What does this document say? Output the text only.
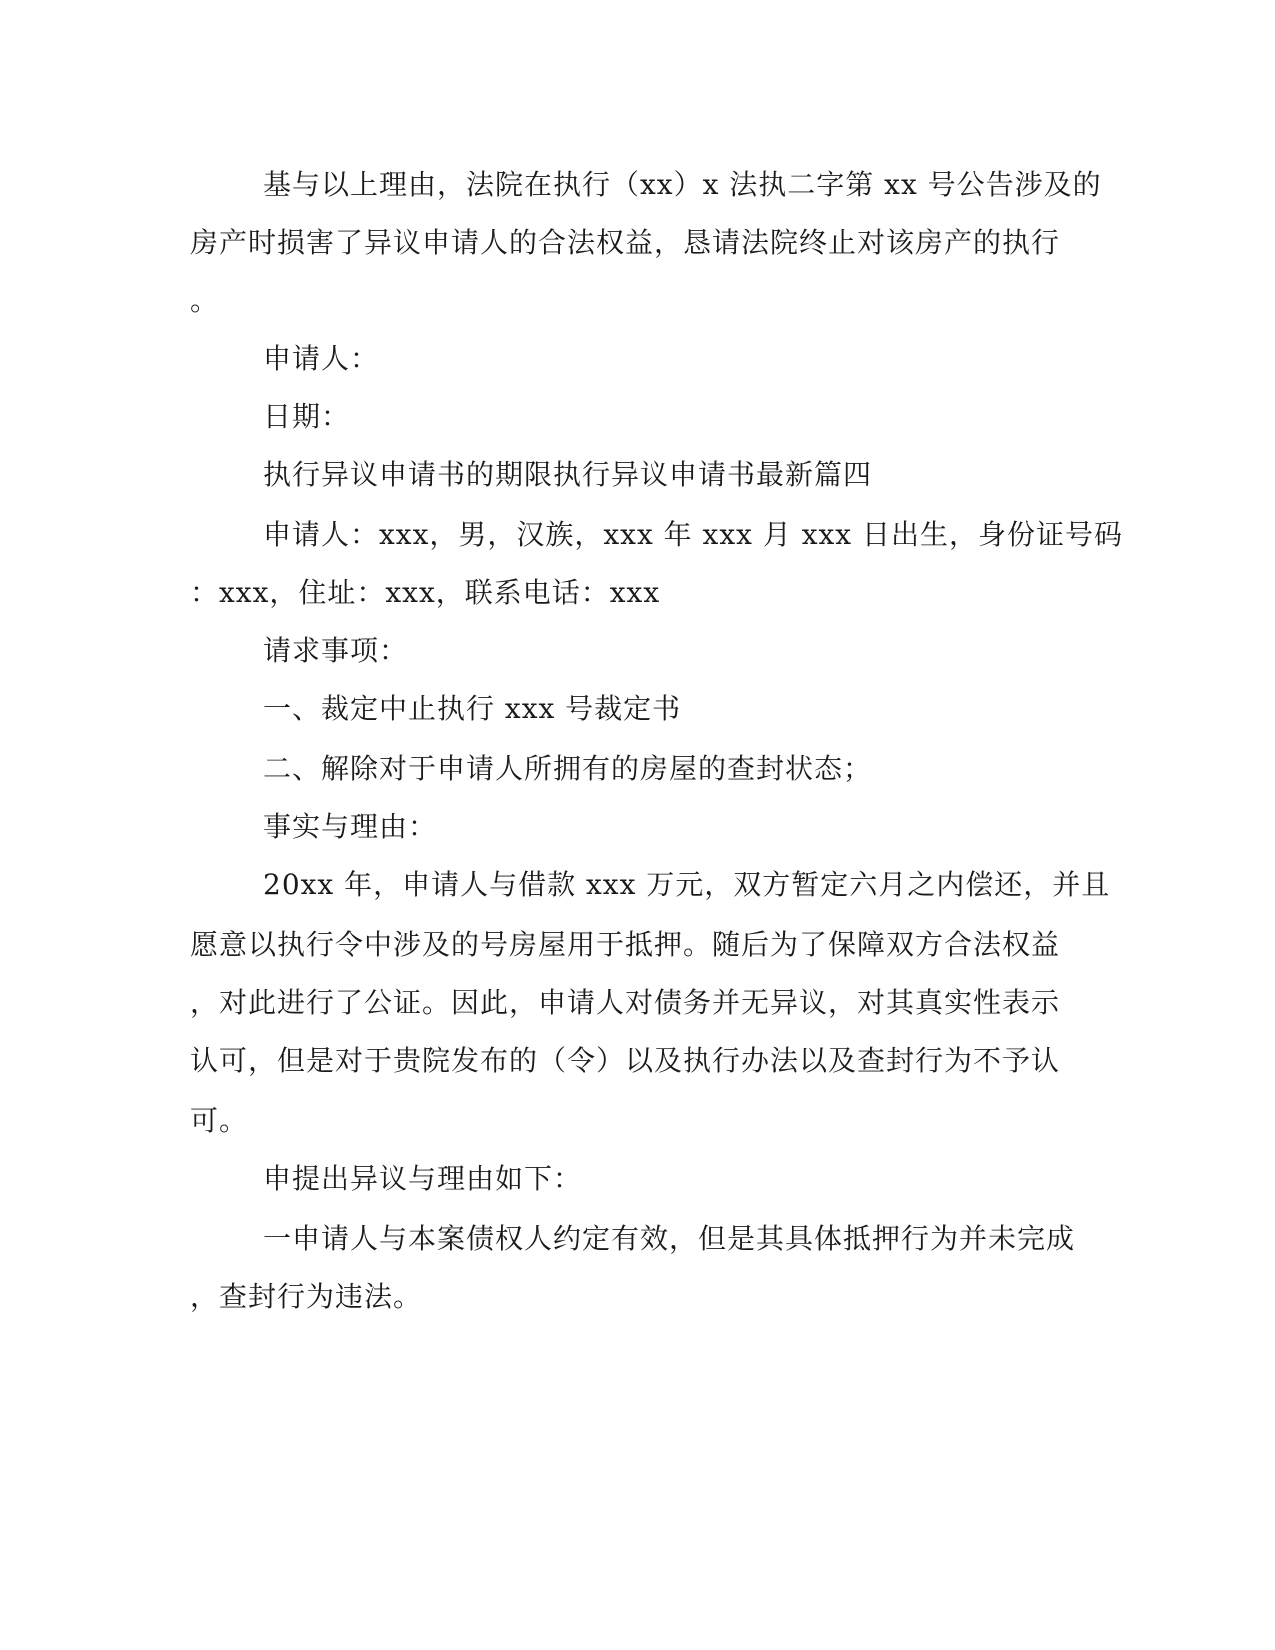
基与以上理由，法院在执行（xx）x 法执二字第 xx 号公告涉及的
房产时损害了异议申请人的合法权益，恳请法院终止对该房产的执行
。
申请人：
日期：
执行异议申请书的期限执行异议申请书最新篇四
申请人：xxx，男，汉族，xxx 年 xxx 月 xxx 日出生，身份证号码
：xxx，住址：xxx，联系电话：xxx
请求事项：
一、裁定中止执行 xxx 号裁定书
二、解除对于申请人所拥有的房屋的查封状态；
事实与理由：
20xx 年，申请人与借款 xxx 万元，双方暂定六月之内偿还，并且
愿意以执行令中涉及的号房屋用于抵押。随后为了保障双方合法权益
，对此进行了公证。因此，申请人对债务并无异议，对其真实性表示
认可，但是对于贵院发布的（令）以及执行办法以及查封行为不予认
可。
申提出异议与理由如下：
一申请人与本案债权人约定有效，但是其具体抵押行为并未完成
，查封行为违法。
